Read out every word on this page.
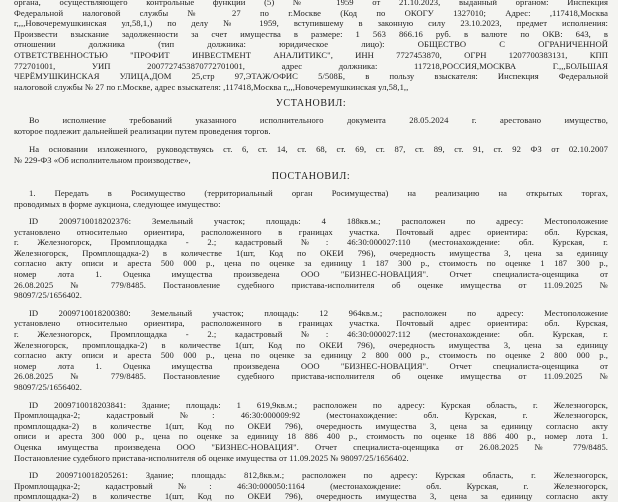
органа, осуществляющего контрольные функции (5) № 1959 от 21.10.2023, выданный органом: Инспекция
Федеральной налоговой службы № 27 по г.Москве (Код по ОКОГУ 1327010; Адрес: ,117418,Москва
г,,,,Новочеремушкинская ул,58,1,) по делу № 1959, вступившему в законную силу 23.10.2023, предмет исполнения:
Произвести взыскание задолженности за счет имущества в размере: 1 563 866.16 руб. в валюте по ОКВ: 643, в
отношении должника (тип должника: юридическое лицо): ОБЩЕСТВО С ОГРАНИЧЕННОЙ
ОТВЕТСТВЕННОСТЬЮ "ПРОФИТ ИНВЕСТМЕНТ АНАЛИТИКС", ИНН 7727453870, ОГРН 1207700383131, КПП
772701001, УИП 2007727453870772701001, адрес должника: 117218,РОССИЯ,МОСКВА Г.,,,БОЛЬШАЯ
ЧЕРЁМУШКИНСКАЯ УЛИЦА,ДОМ 25,стр 97,ЭТАЖ/ОФИС 5/508Б, в пользу взыскателя: Инспекция Федеральной
налоговой службы № 27 по г.Москве, адрес взыскателя: ,117418,Москва г,,,,Новочеремушкинская ул,58,1,,

УСТАНОВИЛ:

Во исполнение требований указанного исполнительного документа 28.05.2024 г. арестовано имущество,
которое подлежит дальнейшей реализации путем проведения торгов.

На основании изложенного, руководствуясь ст. 6, ст. 14, ст. 68, ст. 69, ст. 87, ст. 89, ст. 91, ст. 92 ФЗ от 02.10.2007
№ 229-ФЗ «Об исполнительном производстве»,

ПОСТАНОВИЛ:

1. Передать в Росимущество (территориальный орган Росимущества) на реализацию на открытых торгах,
проводимых в форме аукциона, следующее имущество:

ID 2009710018202376: Земельный участок; площадь: 4 188кв.м.; расположен по адресу: Местоположение
установлено относительно ориентира, расположенного в границах участка. Почтовый адрес ориентира: обл. Курская,
г. Железногорск, Промплощадка - 2.; кадастровый №: 46:30:000027:110 (местонахождение: обл. Курская, г.
Железногорск, Промплощадка-2) в количестве 1(шт, Код по ОКЕИ 796), очередность имущества 3, цена за единицу
согласно акту описи и ареста 500 000 р., цена по оценке за единицу 1 187 300 р., стоимость по оценке 1 187 300 р.,
номер лота 1. Оценка имущества произведена ООО "БИЗНЕС-НОВАЦИЯ". Отчет специалиста-оценщика от
26.08.2025 № 779/8485. Постановление судебного пристава-исполнителя об оценке имущества от 11.09.2025 №
98097/25/1656402.

ID 2009710018200380: Земельный участок; площадь: 12 964кв.м.; расположен по адресу: Местоположение
установлено относительно ориентира, расположенного в границах участка. Почтовый адрес ориентира: обл. Курская,
г. Железногорск, Промплощадка - 2.; кадастровый №: 46:30:000027:112 (местонахождение: обл. Курская, г.
Железногорск, промплощадка-2) в количестве 1(шт, Код по ОКЕИ 796), очередность имущества 3, цена за единицу
согласно акту описи и ареста 500 000 р., цена по оценке за единицу 2 800 000 р., стоимость по оценке 2 800 000 р.,
номер лота 1. Оценка имущества произведена ООО "БИЗНЕС-НОВАЦИЯ". Отчет специалиста-оценщика от
26.08.2025 № 779/8485. Постановление судебного пристава-исполнителя об оценке имущества от 11.09.2025 №
98097/25/1656402.

ID 2009710018203841: Здание; площадь: 1 619,9кв.м.; расположен по адресу: Курская область, г. Железногорск,
Промплощадка-2; кадастровый №: 46:30:000009:92 (местонахождение: обл. Курская, г. Железногорск,
промплощадка-2) в количестве 1(шт, Код по ОКЕИ 796), очередность имущества 3, цена за единицу согласно акту
описи и ареста 300 000 р., цена по оценке за единицу 18 886 400 р., стоимость по оценке 18 886 400 р., номер лота 1.
Оценка имущества произведена ООО "БИЗНЕС-НОВАЦИЯ". Отчет специалиста-оценщика от 26.08.2025 № 779/8485.
Постановление судебного пристава-исполнителя об оценке имущества от 11.09.2025 № 98097/25/1656402.

ID 2009710018205261: Здание; площадь: 812,8кв.м.; расположен по адресу: Курская область, г. Железногорск,
Промплощадка-2; кадастровый №: 46:30:000050:1164 (местонахождение: обл. Курская, г. Железногорск,
промплощадка-2) в количестве 1(шт, Код по ОКЕИ 796), очередность имущества 3, цена за единицу согласно акту
